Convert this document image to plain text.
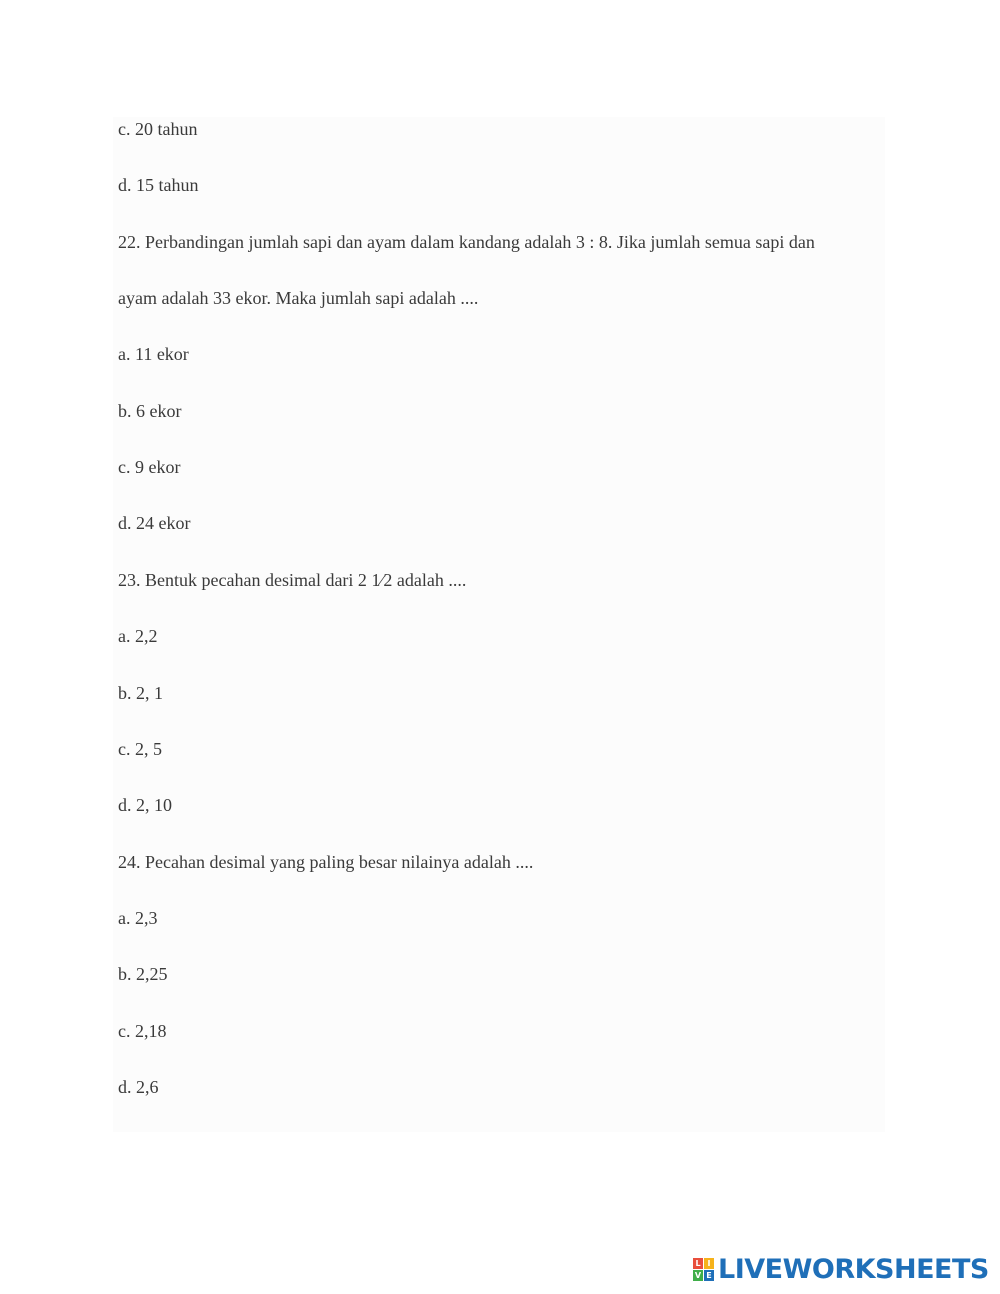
c. 20 tahun
d. 15 tahun
22. Perbandingan jumlah sapi dan ayam dalam kandang adalah 3 : 8. Jika jumlah semua sapi dan
ayam adalah 33 ekor. Maka jumlah sapi adalah ....
a. 11 ekor
b. 6 ekor
c. 9 ekor
d. 24 ekor
23. Bentuk pecahan desimal dari 2 1⁄2 adalah ....
a. 2,2
b. 2, 1
c. 2, 5
d. 2, 10
24. Pecahan desimal yang paling besar nilainya adalah ....
a. 2,3
b. 2,25
c. 2,18
d. 2,6
L I
V E LIVEWORKSHEETS
